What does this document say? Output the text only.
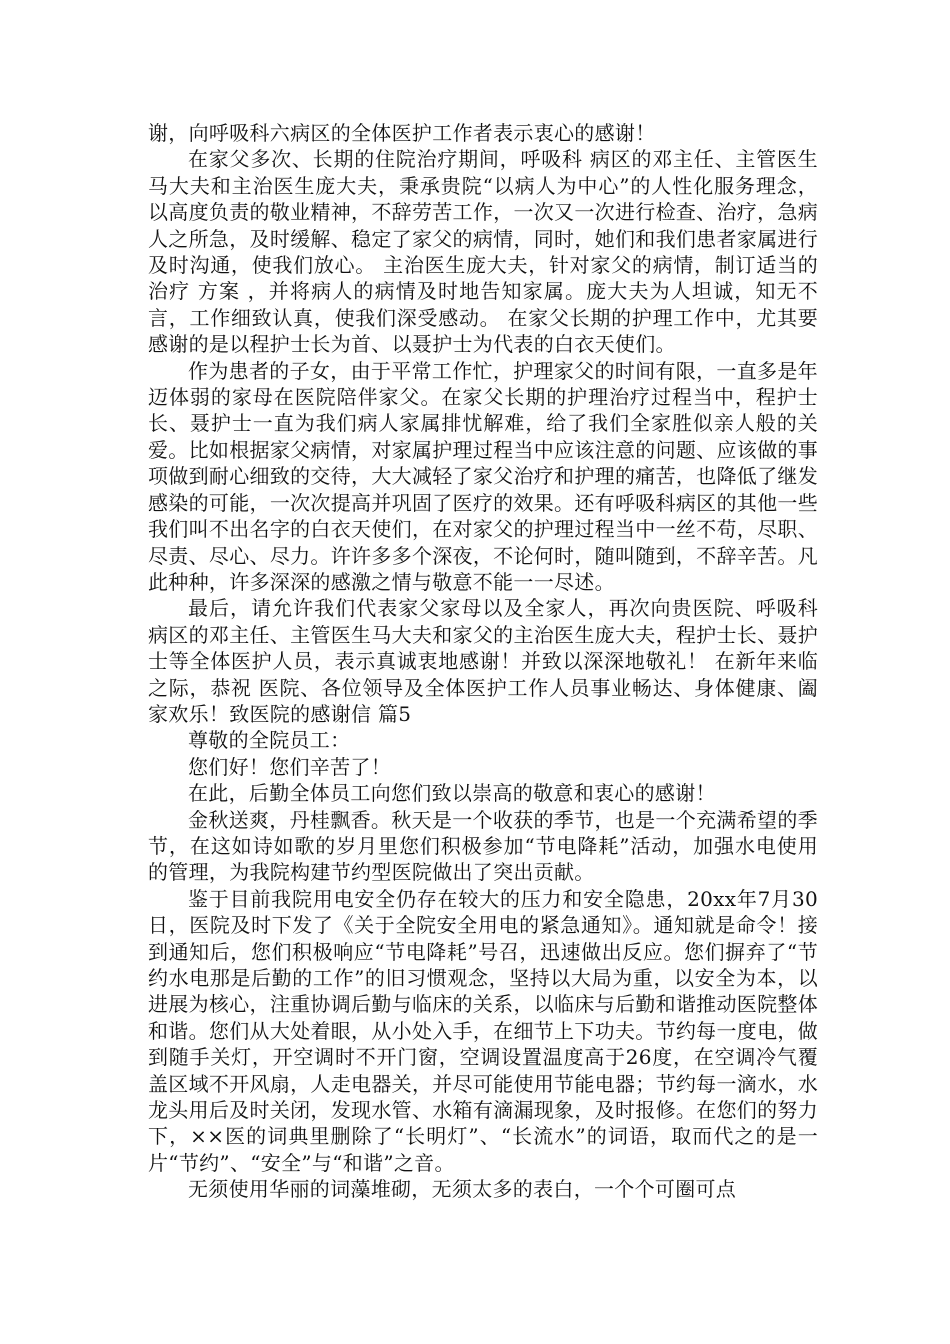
谢，向呼吸科六病区的全体医护工作者表示衷心的感谢！

在家父多次、长期的住院治疗期间，呼吸科 病区的邓主任、主管医生马大夫和主治医生庞大夫，秉承贵院“以病人为中心”的人性化服务理念，以高度负责的敬业精神，不辞劳苦工作，一次又一次进行检查、治疗，急病人之所急，及时缓解、稳定了家父的病情，同时，她们和我们患者家属进行及时沟通，使我们放心。 主治医生庞大夫，针对家父的病情，制订适当的治疗 方案 ，并将病人的病情及时地告知家属。庞大夫为人坦诚，知无不言，工作细致认真，使我们深受感动。 在家父长期的护理工作中，尤其要感谢的是以程护士长为首、以聂护士为代表的白衣天使们。

作为患者的子女，由于平常工作忙，护理家父的时间有限，一直多是年迈体弱的家母在医院陪伴家父。在家父长期的护理治疗过程当中，程护士长、聂护士一直为我们病人家属排忧解难，给了我们全家胜似亲人般的关爱。比如根据家父病情，对家属护理过程当中应该注意的问题、应该做的事项做到耐心细致的交待，大大减轻了家父治疗和护理的痛苦，也降低了继发感染的可能，一次次提高并巩固了医疗的效果。还有呼吸科病区的其他一些我们叫不出名字的白衣天使们，在对家父的护理过程当中一丝不苟，尽职、尽责、尽心、尽力。许许多多个深夜，不论何时，随叫随到，不辞辛苦。凡此种种，许多深深的感激之情与敬意不能一一尽述。

最后，请允许我们代表家父家母以及全家人，再次向贵医院、呼吸科 病区的邓主任、主管医生马大夫和家父的主治医生庞大夫，程护士长、聂护士等全体医护人员，表示真诚衷地感谢！并致以深深地敬礼！ 在新年来临之际，恭祝 医院、各位领导及全体医护工作人员事业畅达、身体健康、阖家欢乐！致医院的感谢信 篇5

尊敬的全院员工：

您们好！您们辛苦了！

在此，后勤全体员工向您们致以崇高的敬意和衷心的感谢！

金秋送爽，丹桂飘香。秋天是一个收获的季节，也是一个充满希望的季节，在这如诗如歌的岁月里您们积极参加“节电降耗”活动，加强水电使用的管理，为我院构建节约型医院做出了突出贡献。

鉴于目前我院用电安全仍存在较大的压力和安全隐患，20xx年7月30日，医院及时下发了《关于全院安全用电的紧急通知》。通知就是命令！接到通知后，您们积极响应“节电降耗”号召，迅速做出反应。您们摒弃了“节约水电那是后勤的工作”的旧习惯观念，坚持以大局为重，以安全为本，以进展为核心，注重协调后勤与临床的关系，以临床与后勤和谐推动医院整体和谐。您们从大处着眼，从小处入手，在细节上下功夫。节约每一度电，做到随手关灯，开空调时不开门窗，空调设置温度高于26度，在空调冷气覆盖区域不开风扇，人走电器关，并尽可能使用节能电器；节约每一滴水，水龙头用后及时关闭，发现水管、水箱有滴漏现象，及时报修。在您们的努力下，××医的词典里删除了“长明灯”、“长流水”的词语，取而代之的是一片“节约”、“安全”与“和谐”之音。

无须使用华丽的词藻堆砌，无须太多的表白，一个个可圈可点
